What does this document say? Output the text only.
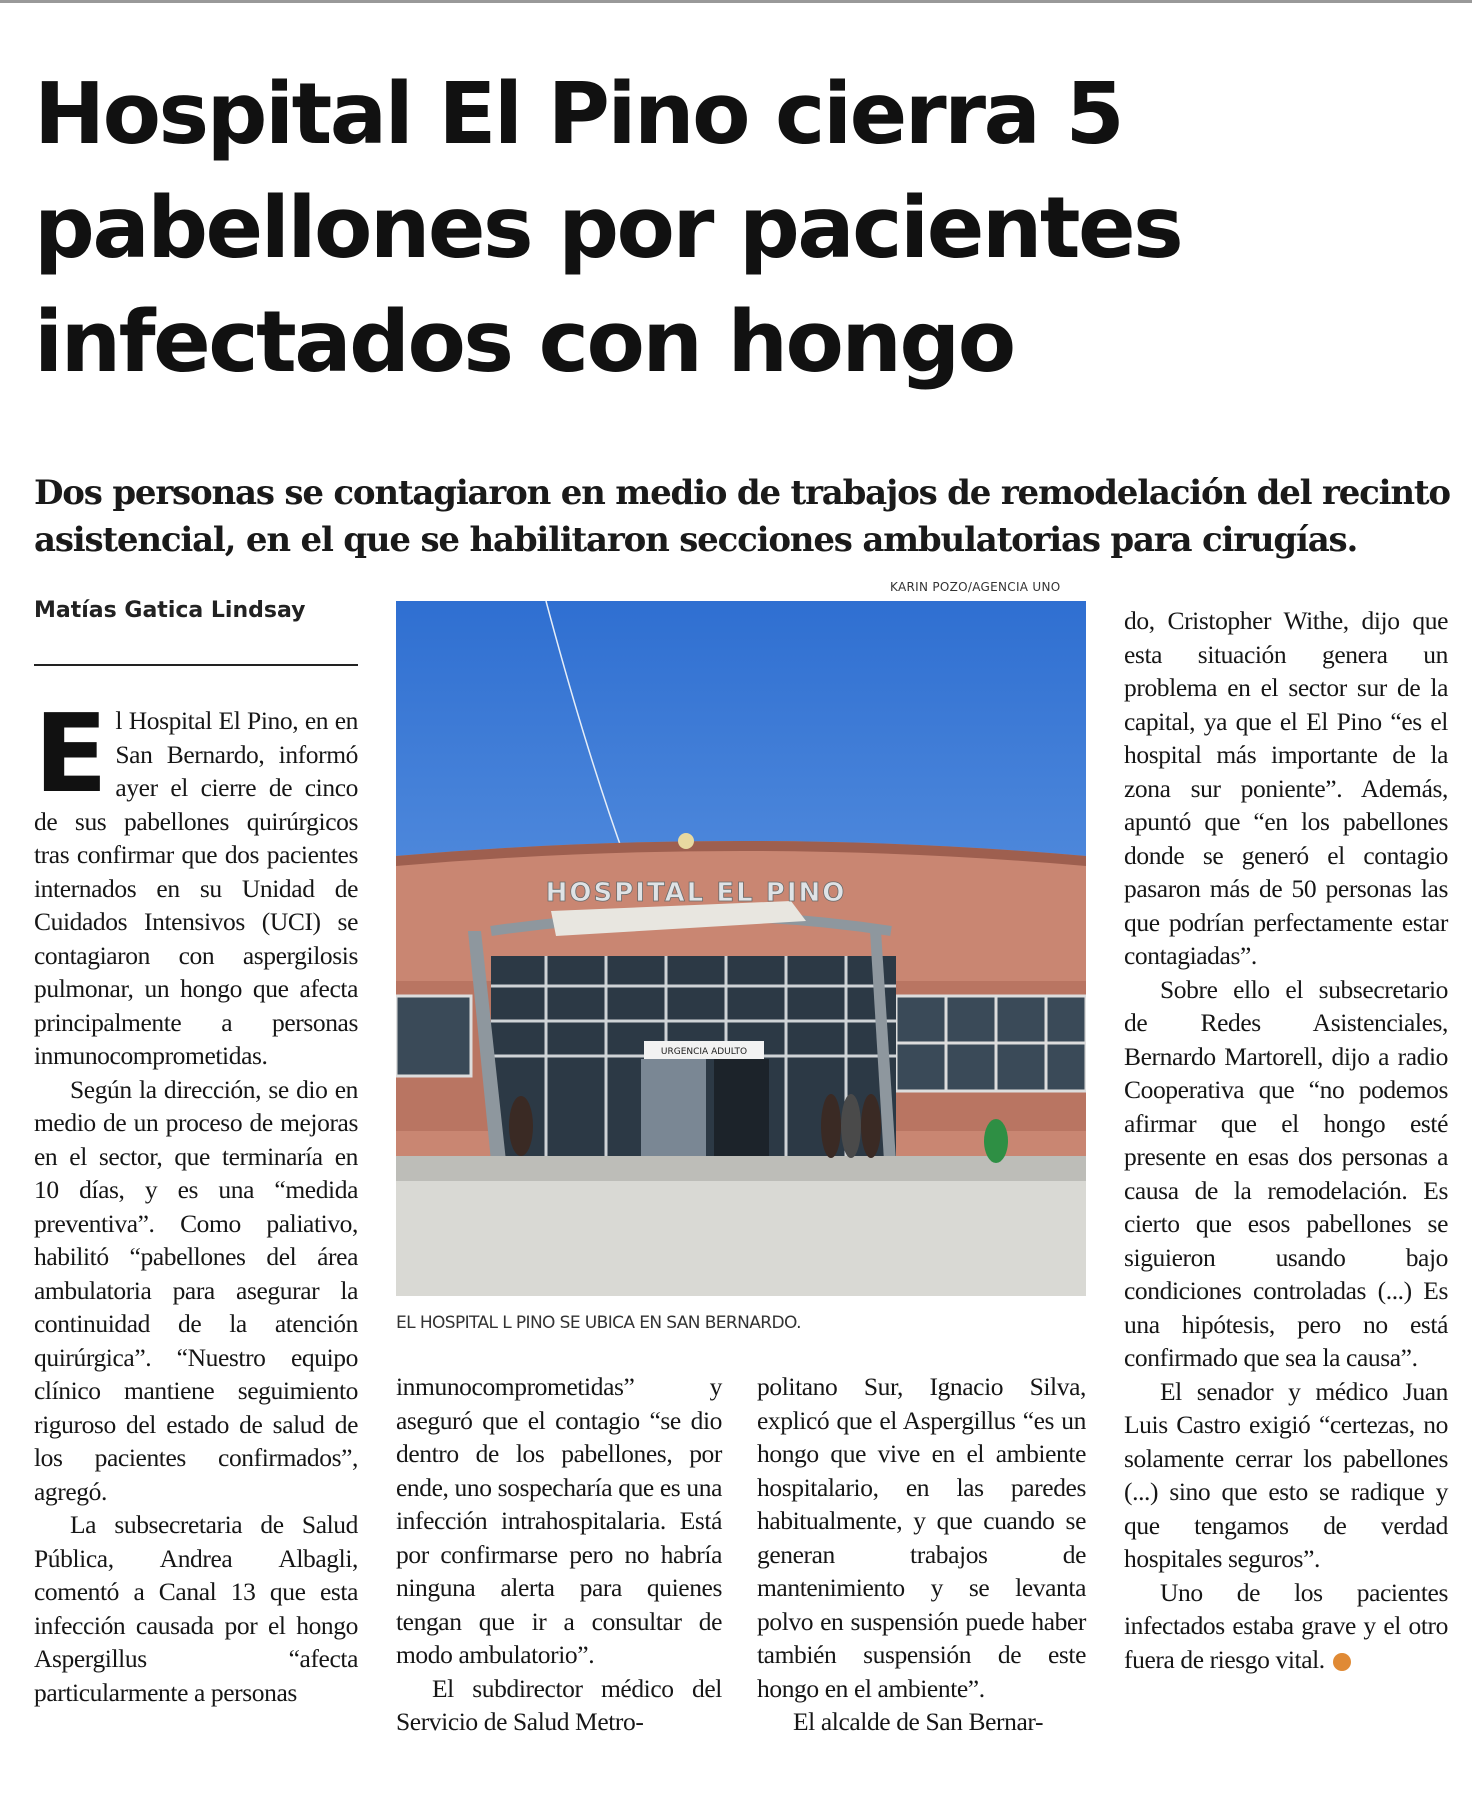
Hospital El Pino cierra 5 pabellones por pacientes infectados con hongo
Dos personas se contagiaron en medio de trabajos de remodelación del recinto asistencial, en el que se habilitaron secciones ambulatorias para cirugías.
Matías Gatica Lindsay
KARIN POZO/AGENCIA UNO
URGENCIA ADULTO
HOSPITAL EL PINO
EL HOSPITAL L PINO SE UBICA EN SAN BERNARDO.

El Hospital El Pino, en en San Bernardo, informó ayer el cierre de cinco de sus pabellones quirúrgicos tras confirmar que dos pacientes internados en su Unidad de Cuidados Intensivos (UCI) se contagiaron con aspergilosis pulmonar, un hongo que afecta principalmente a personas inmunocomprometidas.

Según la dirección, se dio en medio de un proceso de mejoras en el sector, que terminaría en 10 días, y es una “medida preventiva”. Como paliativo, habilitó “pabellones del área ambulatoria para asegurar la continuidad de la atención quirúrgica”. “Nuestro equipo clínico mantiene seguimiento riguroso del estado de salud de los pacientes confirmados”, agregó.

La subsecretaria de Salud Pública, Andrea Albagli, comentó a Canal 13 que esta infección causada por el hongo Aspergillus “afecta particularmente a personas

inmunocomprometidas” y aseguró que el contagio “se dio dentro de los pabellones, por ende, uno sospecharía que es una infección intrahospitalaria. Está por confirmarse pero no habría ninguna alerta para quienes tengan que ir a consultar de modo ambulatorio”.

El subdirector médico del Servicio de Salud Metro-

politano Sur, Ignacio Silva, explicó que el Aspergillus “es un hongo que vive en el ambiente hospitalario, en las paredes habitualmente, y que cuando se generan trabajos de mantenimiento y se levanta polvo en suspensión puede haber también suspensión de este hongo en el ambiente”.

El alcalde de San Bernar-

do, Cristopher Withe, dijo que esta situación genera un problema en el sector sur de la capital, ya que el El Pino “es el hospital más importante de la zona sur poniente”. Además, apuntó que “en los pabellones donde se generó el contagio pasaron más de 50 personas las que podrían perfectamente estar contagiadas”.

Sobre ello el subsecretario de Redes Asistenciales, Bernardo Martorell, dijo a radio Cooperativa que “no podemos afirmar que el hongo esté presente en esas dos personas a causa de la remodelación. Es cierto que esos pabellones se siguieron usando bajo condiciones controladas (...) Es una hipótesis, pero no está confirmado que sea la causa”.

El senador y médico Juan Luis Castro exigió “certezas, no solamente cerrar los pabellones (...) sino que esto se radique y que tengamos de verdad hospitales seguros”.

Uno de los pacientes infectados estaba grave y el otro fuera de riesgo vital.	✪
